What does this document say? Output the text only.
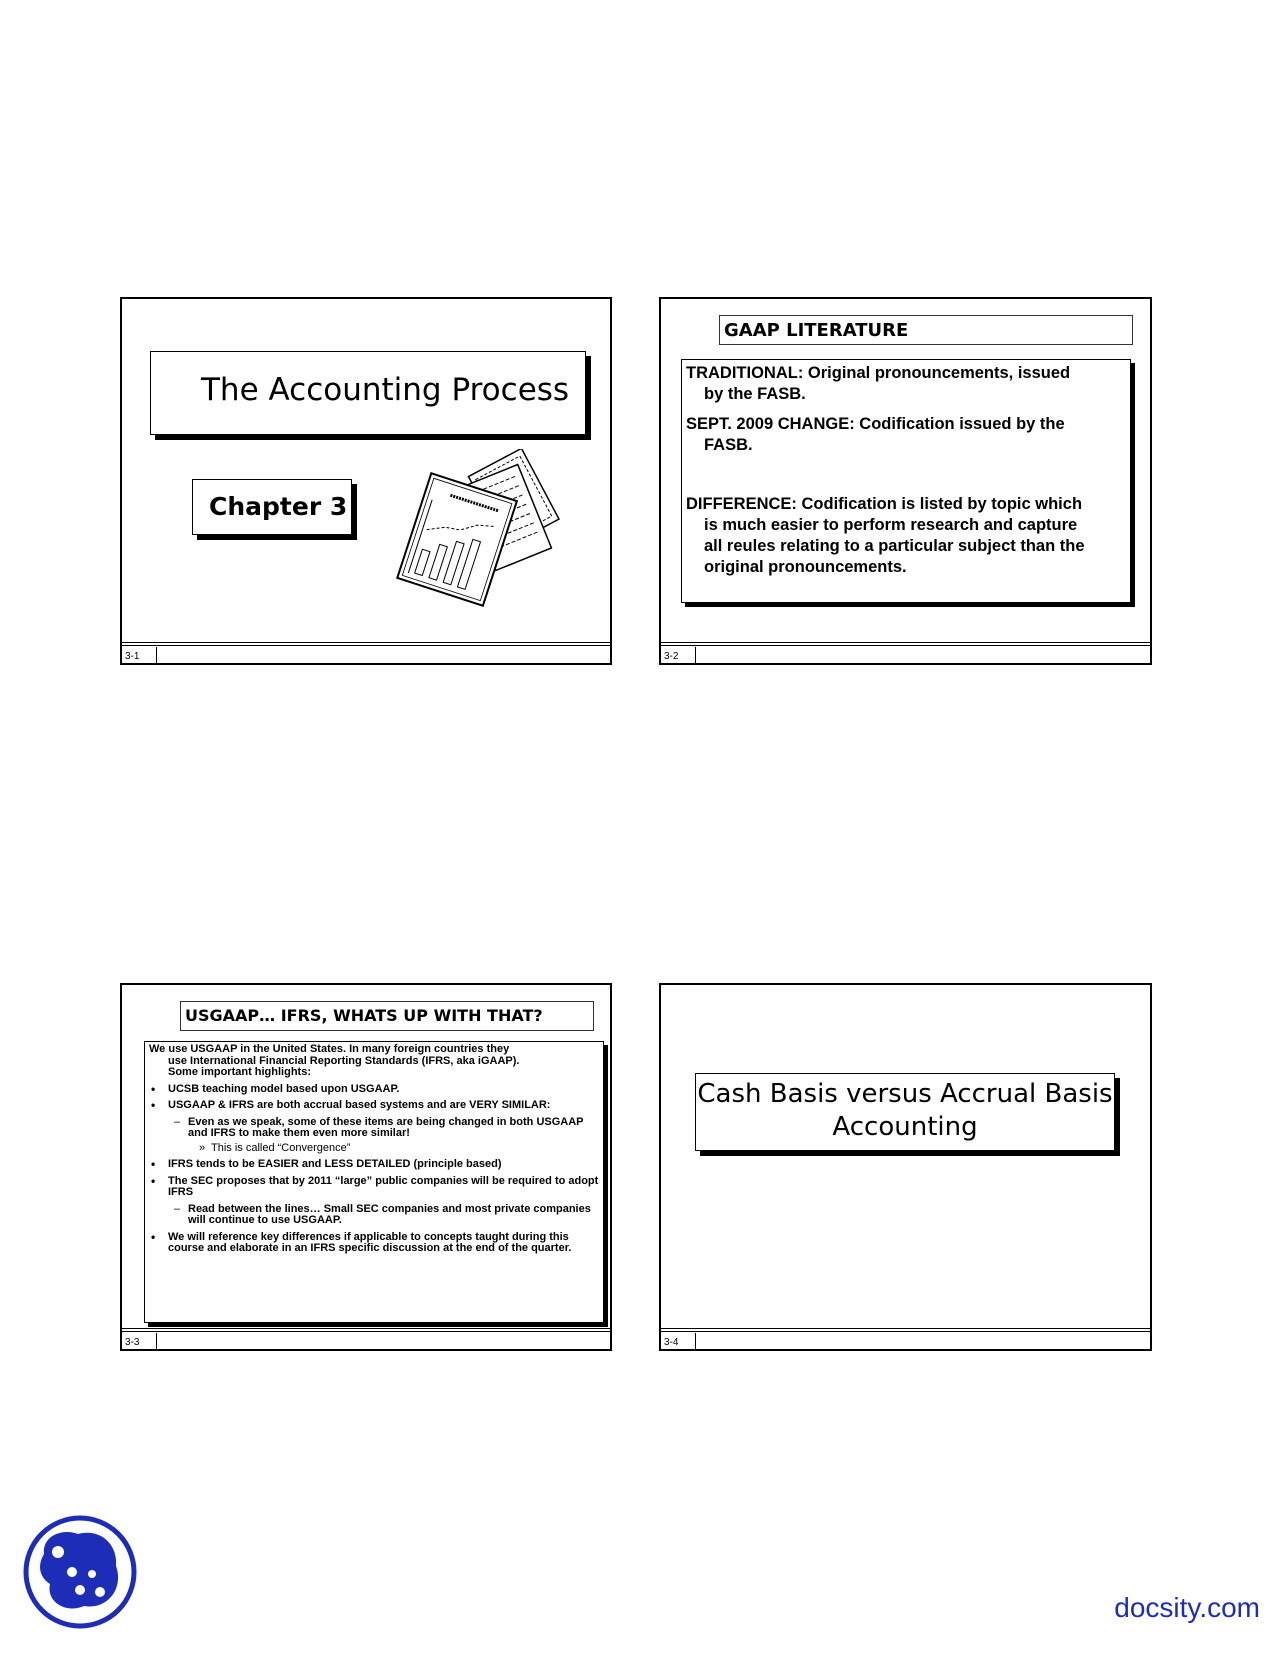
The Accounting Process
Chapter 3
3-1
GAAP LITERATURE
TRADITIONAL: Original pronouncements, issued
by the FASB.
SEPT. 2009 CHANGE: Codification issued by the
FASB.
DIFFERENCE: Codification is listed by topic which
is much easier to perform research and capture
all reules relating to a particular subject than the
original pronouncements.
3-2
USGAAP… IFRS, WHATS UP WITH THAT?
We use USGAAP in the United States. In many foreign countries they
use International Financial Reporting Standards (IFRS, aka iGAAP).
Some important highlights:
• UCSB teaching model based upon USGAAP.
• USGAAP & IFRS are both accrual based systems and are VERY SIMILAR:
– Even as we speak, some of these items are being changed in both USGAAP and IFRS to make them even more similar!
» This is called “Convergence”
• IFRS tends to be EASIER and LESS DETAILED (principle based)
• The SEC proposes that by 2011 “large” public companies will be required to adopt IFRS
– Read between the lines… Small SEC companies and most private companies will continue to use USGAAP.
• We will reference key differences if applicable to concepts taught during this course and elaborate in an IFRS specific discussion at the end of the quarter.
3-3
Cash Basis versus Accrual Basis
Accounting
3-4
docsity.com
